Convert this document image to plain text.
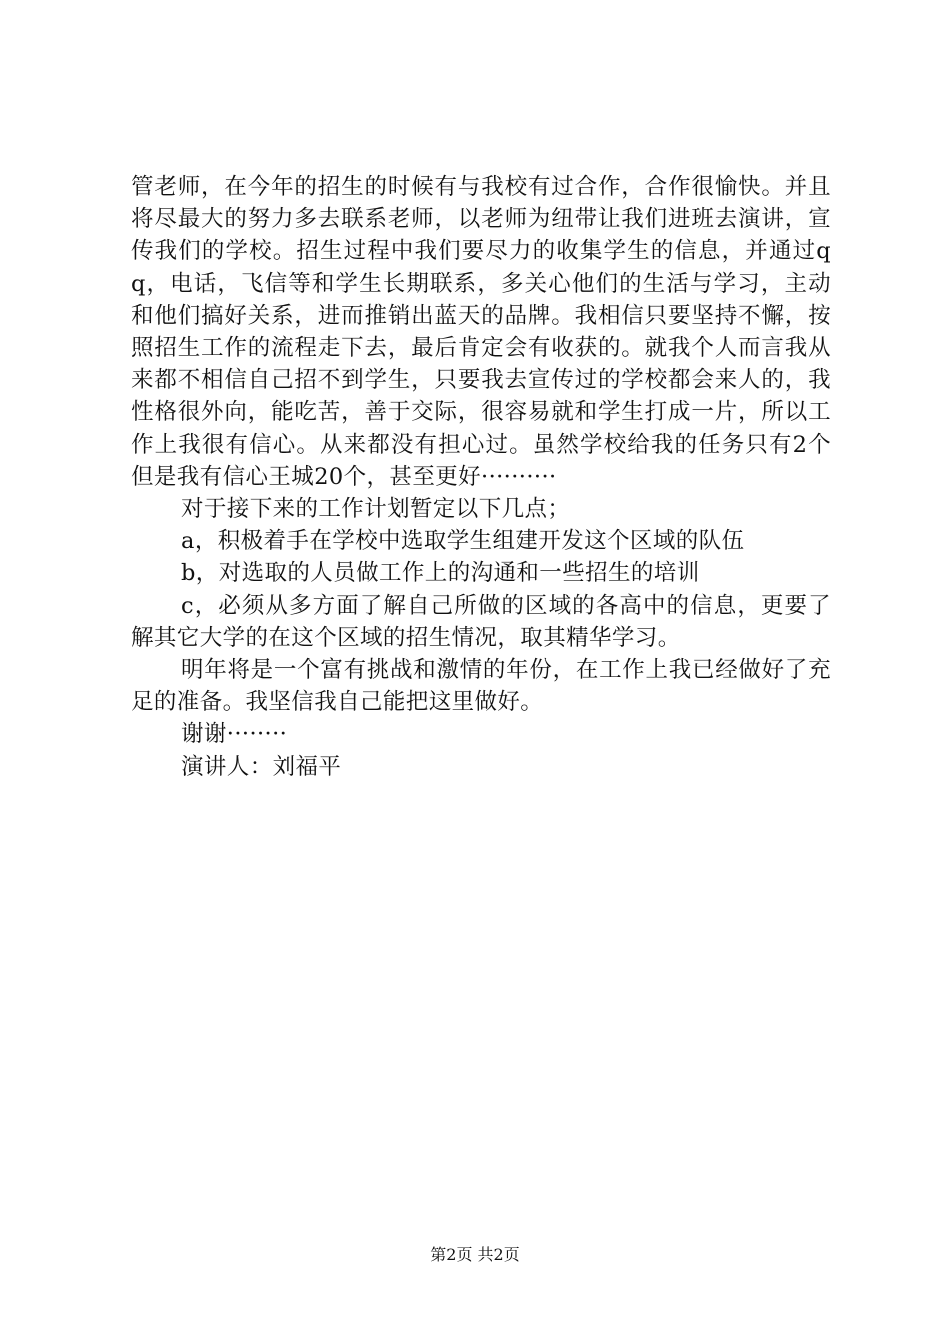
管老师，在今年的招生的时候有与我校有过合作，合作很愉快。并且将尽最大的努力多去联系老师，以老师为纽带让我们进班去演讲，宣传我们的学校。招生过程中我们要尽力的收集学生的信息，并通过qq，电话，飞信等和学生长期联系，多关心他们的生活与学习，主动和他们搞好关系，进而推销出蓝天的品牌。我相信只要坚持不懈，按照招生工作的流程走下去，最后肯定会有收获的。就我个人而言我从来都不相信自己招不到学生，只要我去宣传过的学校都会来人的，我性格很外向，能吃苦，善于交际，很容易就和学生打成一片，所以工作上我很有信心。从来都没有担心过。虽然学校给我的任务只有2个但是我有信心王城20个，甚至更好··········

对于接下来的工作计划暂定以下几点；

a，积极着手在学校中选取学生组建开发这个区域的队伍

b，对选取的人员做工作上的沟通和一些招生的培训

c，必须从多方面了解自己所做的区域的各高中的信息，更要了解其它大学的在这个区域的招生情况，取其精华学习。

明年将是一个富有挑战和激情的年份，在工作上我已经做好了充足的准备。我坚信我自己能把这里做好。

谢谢········

演讲人：刘福平

第2页 共2页
